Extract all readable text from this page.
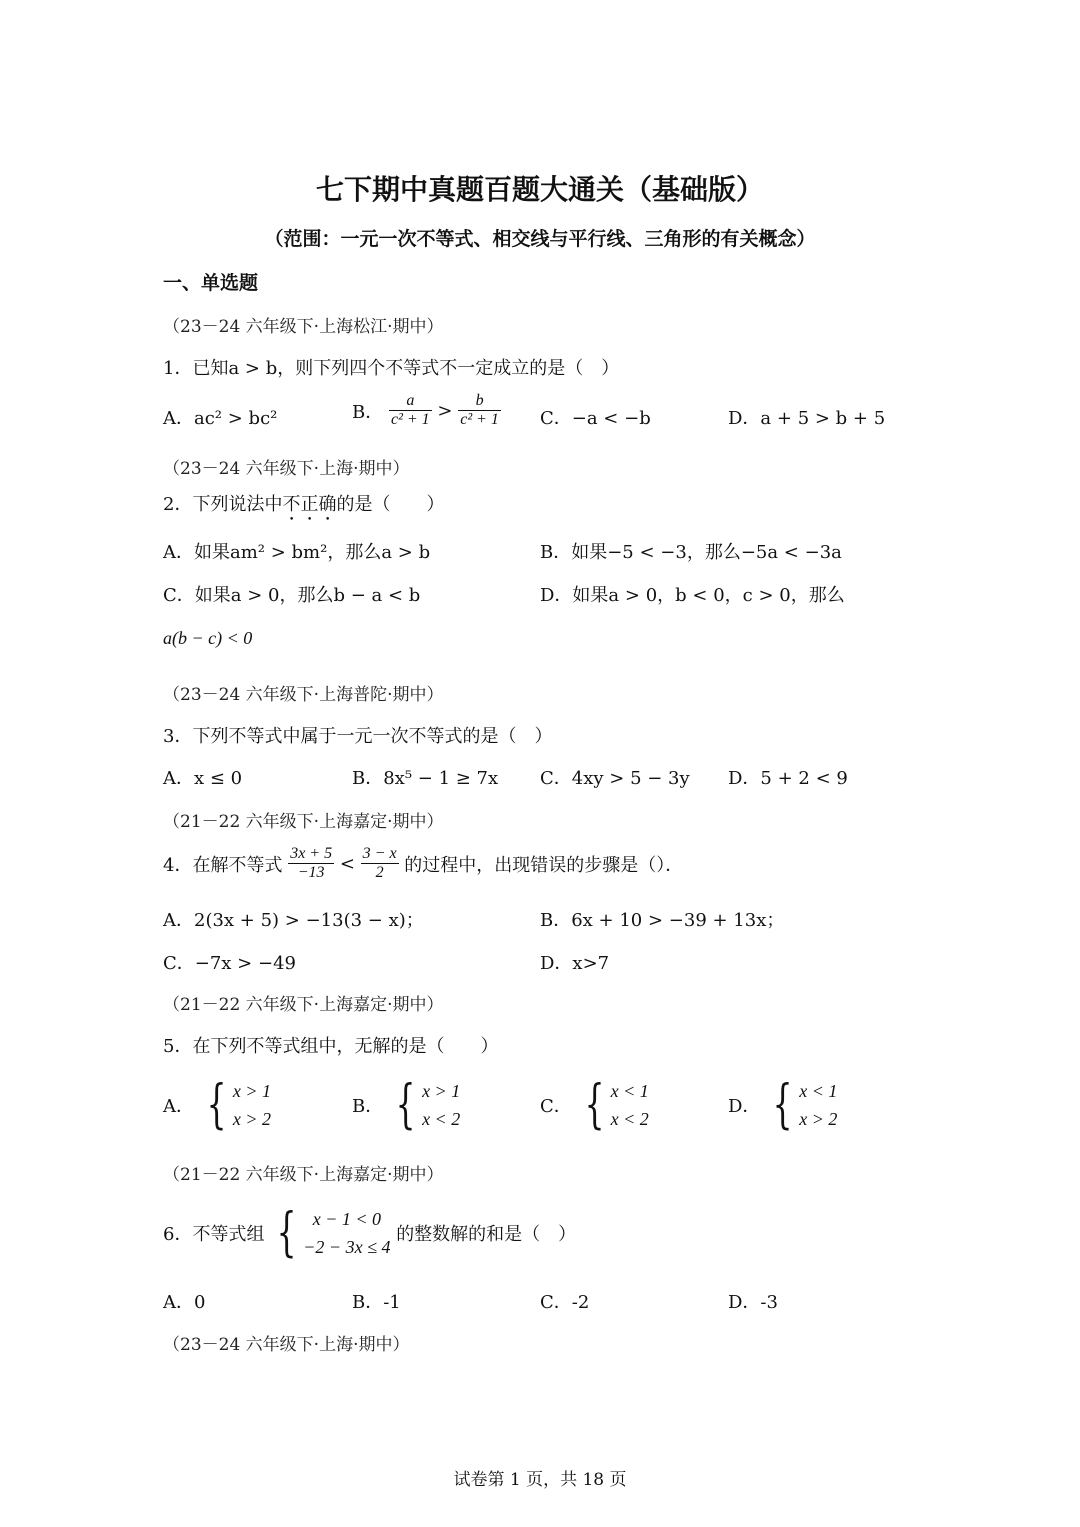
七下期中真题百题大通关（基础版）
（范围：一元一次不等式、相交线与平行线、三角形的有关概念）
一、单选题
（23－24 六年级下·上海松江·期中）
1．已知a > b，则下列四个不等式不一定成立的是（　）
A．ac² > bc²	B． $\frac{a}{\text{c² + 1}} > \frac{b}{\text{c² + 1}}$ C．−a < −b	D．a + 5 > b + 5
（23－24 六年级下·上海·期中）
2．下列说法中不正确的是（　　）
A．如果am² > bm²，那么a > b	B．如果−5 < −3，那么−5a < −3a
C．如果a > 0，那么b − a < b	D．如果a > 0，b < 0，c > 0，那么
a(b − c) < 0
（23－24 六年级下·上海普陀·期中）
3．下列不等式中属于一元一次不等式的是（　）
A．x ≤ 0	B．8x⁵ − 1 ≥ 7x C．4xy > 5 − 3y D．5 + 2 < 9
（21－22 六年级下·上海嘉定·期中）
4．在解不等式 $\frac{3x + 5}{-13} < \frac{3 - x}{2}$ 的过程中，出现错误的步骤是（）．
A．2(3x + 5) > −13(3 − x)；	B．6x + 10 > −39 + 13x；
C．−7x > −49	D．x>7
（21－22 六年级下·上海嘉定·期中）
5．在下列不等式组中，无解的是（　　）
A． { x > 1
x > 2
B． { x > 1
x < 2
C． { x < 1
x < 2
D． { x < 1
x > 2
（21－22 六年级下·上海嘉定·期中）
6．不等式组 { x − 1 < 0
−2 − 3x ≤ 4
的整数解的和是（　）
A．0	B．-1	C．-2	D．-3
（23－24 六年级下·上海·期中）
试卷第 1 页，共 18 页
